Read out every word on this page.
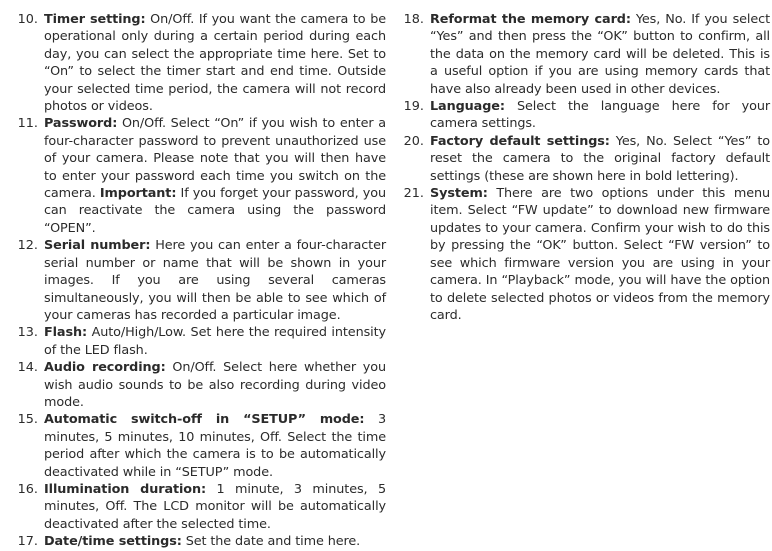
10. Timer setting: On/Off. If you want the camera to be operational only during a certain period during each day, you can select the appropriate time here. Set to “On” to select the timer start and end time. Outside your selected time period, the camera will not record photos or videos.
11. Password: On/Off. Select “On” if you wish to enter a four-character password to prevent unauthorized use of your camera. Please note that you will then have to enter your password each time you switch on the camera. Important: If you forget your password, you can reactivate the camera using the password “OPEN”.
12. Serial number: Here you can enter a four-character serial number or name that will be shown in your images. If you are using several cameras simultaneously, you will then be able to see which of your cameras has recorded a particular image.
13. Flash: Auto/High/Low. Set here the required intensity of the LED flash.
14. Audio recording: On/Off. Select here whether you wish audio sounds to be also recording during video mode.
15. Automatic switch-off in “SETUP” mode: 3 minutes, 5 minutes, 10 minutes, Off. Select the time period after which the camera is to be automatically deactivated while in “SETUP” mode.
16. Illumination duration: 1 minute, 3 minutes, 5 minutes, Off. The LCD monitor will be automatically deactivated after the selected time.
17. Date/time settings: Set the date and time here.
18. Reformat the memory card: Yes, No. If you select “Yes” and then press the “OK” button to confirm, all the data on the memory card will be deleted. This is a useful option if you are using memory cards that have also already been used in other devices.
19. Language: Select the language here for your camera settings.
20. Factory default settings: Yes, No. Select “Yes” to reset the camera to the original factory default settings (these are shown here in bold lettering).
21. System: There are two options under this menu item. Select “FW update” to download new firmware updates to your camera. Confirm your wish to do this by pressing the “OK” button. Select “FW version” to see which firmware version you are using in your camera. In “Playback” mode, you will have the option to delete selected photos or videos from the memory card.
